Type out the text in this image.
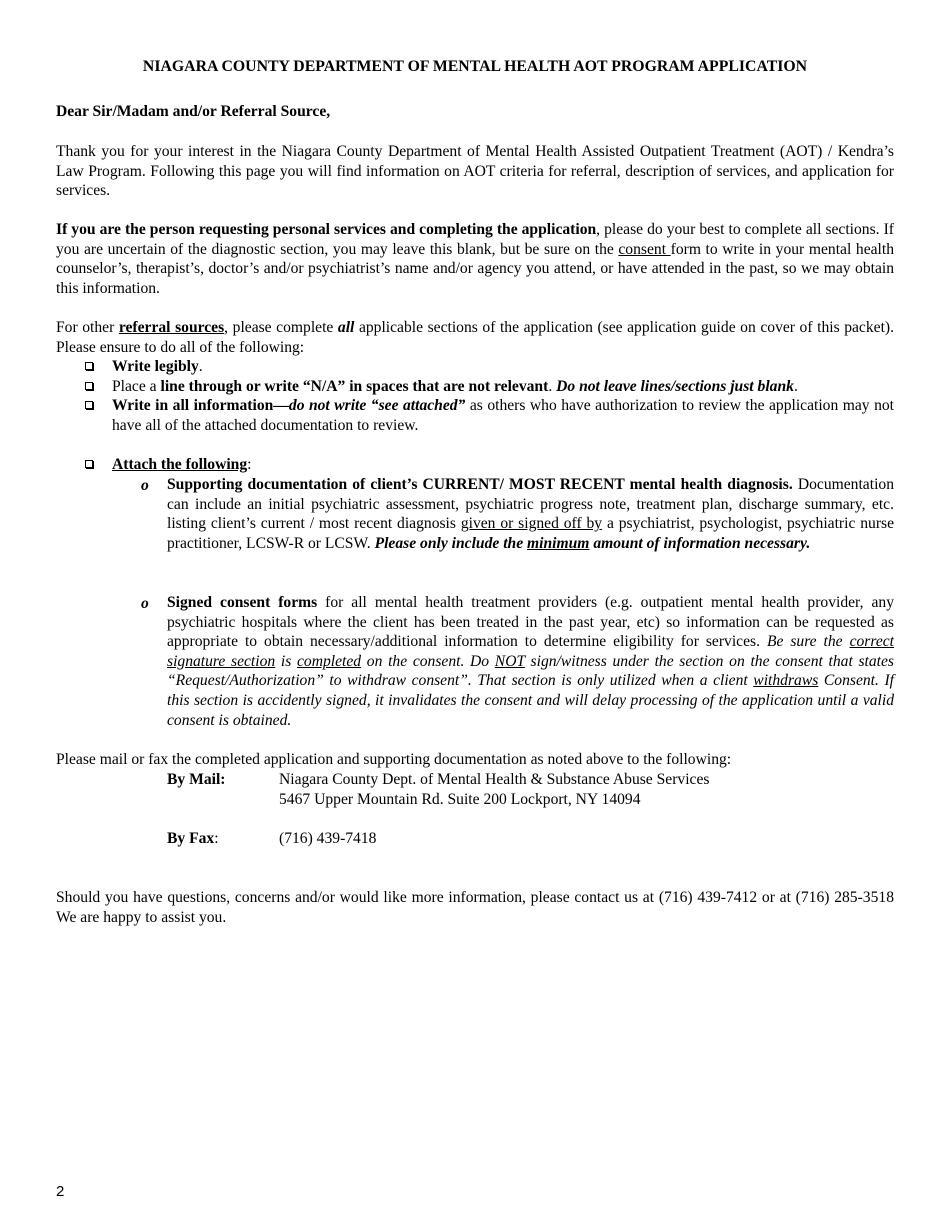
NIAGARA COUNTY DEPARTMENT OF MENTAL HEALTH AOT PROGRAM APPLICATION
Dear Sir/Madam and/or Referral Source,
Thank you for your interest in the Niagara County Department of Mental Health Assisted Outpatient Treatment (AOT) / Kendra’s Law Program. Following this page you will find information on AOT criteria for referral, description of services, and application for services.
If you are the person requesting personal services and completing the application, please do your best to complete all sections. If you are uncertain of the diagnostic section, you may leave this blank, but be sure on the consent form to write in your mental health counselor’s, therapist’s, doctor’s and/or psychiatrist’s name and/or agency you attend, or have attended in the past, so we may obtain this information.
For other referral sources, please complete all applicable sections of the application (see application guide on cover of this packet). Please ensure to do all of the following:
Write legibly.
Place a line through or write “N/A” in spaces that are not relevant. Do not leave lines/sections just blank.
Write in all information—do not write “see attached” as others who have authorization to review the application may not have all of the attached documentation to review.
Attach the following:
o Supporting documentation of client’s CURRENT/ MOST RECENT mental health diagnosis. Documentation can include an initial psychiatric assessment, psychiatric progress note, treatment plan, discharge summary, etc. listing client’s current / most recent diagnosis given or signed off by a psychiatrist, psychologist, psychiatric nurse practitioner, LCSW-R or LCSW. Please only include the minimum amount of information necessary.
o Signed consent forms for all mental health treatment providers (e.g. outpatient mental health provider, any psychiatric hospitals where the client has been treated in the past year, etc) so information can be requested as appropriate to obtain necessary/additional information to determine eligibility for services. Be sure the correct signature section is completed on the consent. Do NOT sign/witness under the section on the consent that states “Request/Authorization” to withdraw consent”. That section is only utilized when a client withdraws Consent. If this section is accidently signed, it invalidates the consent and will delay processing of the application until a valid consent is obtained.
Please mail or fax the completed application and supporting documentation as noted above to the following:
By Mail:	Niagara County Dept. of Mental Health & Substance Abuse Services
5467 Upper Mountain Rd. Suite 200 Lockport, NY 14094
By Fax:	(716) 439-7418
Should you have questions, concerns and/or would like more information, please contact us at (716) 439-7412 or at (716) 285-3518 We are happy to assist you.
2
